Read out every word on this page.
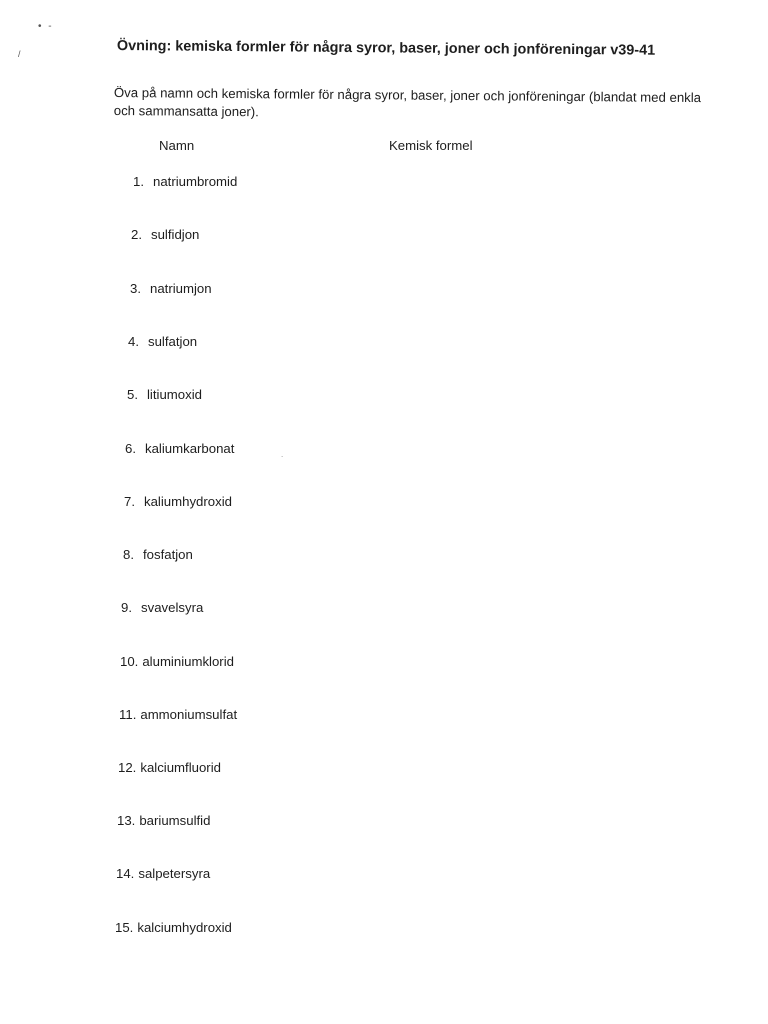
• -
/
.
Övning: kemiska formler för några syror, baser, joner och jonföreningar v39-41

Öva på namn och kemiska formler för några syror, baser, joner och jonföreningar (blandat med enkla och sammansatta joner).

Namn	Kemisk formel
1. natriumbromid
2. sulfidjon
3. natriumjon
4. sulfatjon
5. litiumoxid
6. kaliumkarbonat
7. kaliumhydroxid
8. fosfatjon
9. svavelsyra
10. aluminiumklorid
11. ammoniumsulfat
12. kalciumfluorid
13. bariumsulfid
14. salpetersyra
15. kalciumhydroxid
